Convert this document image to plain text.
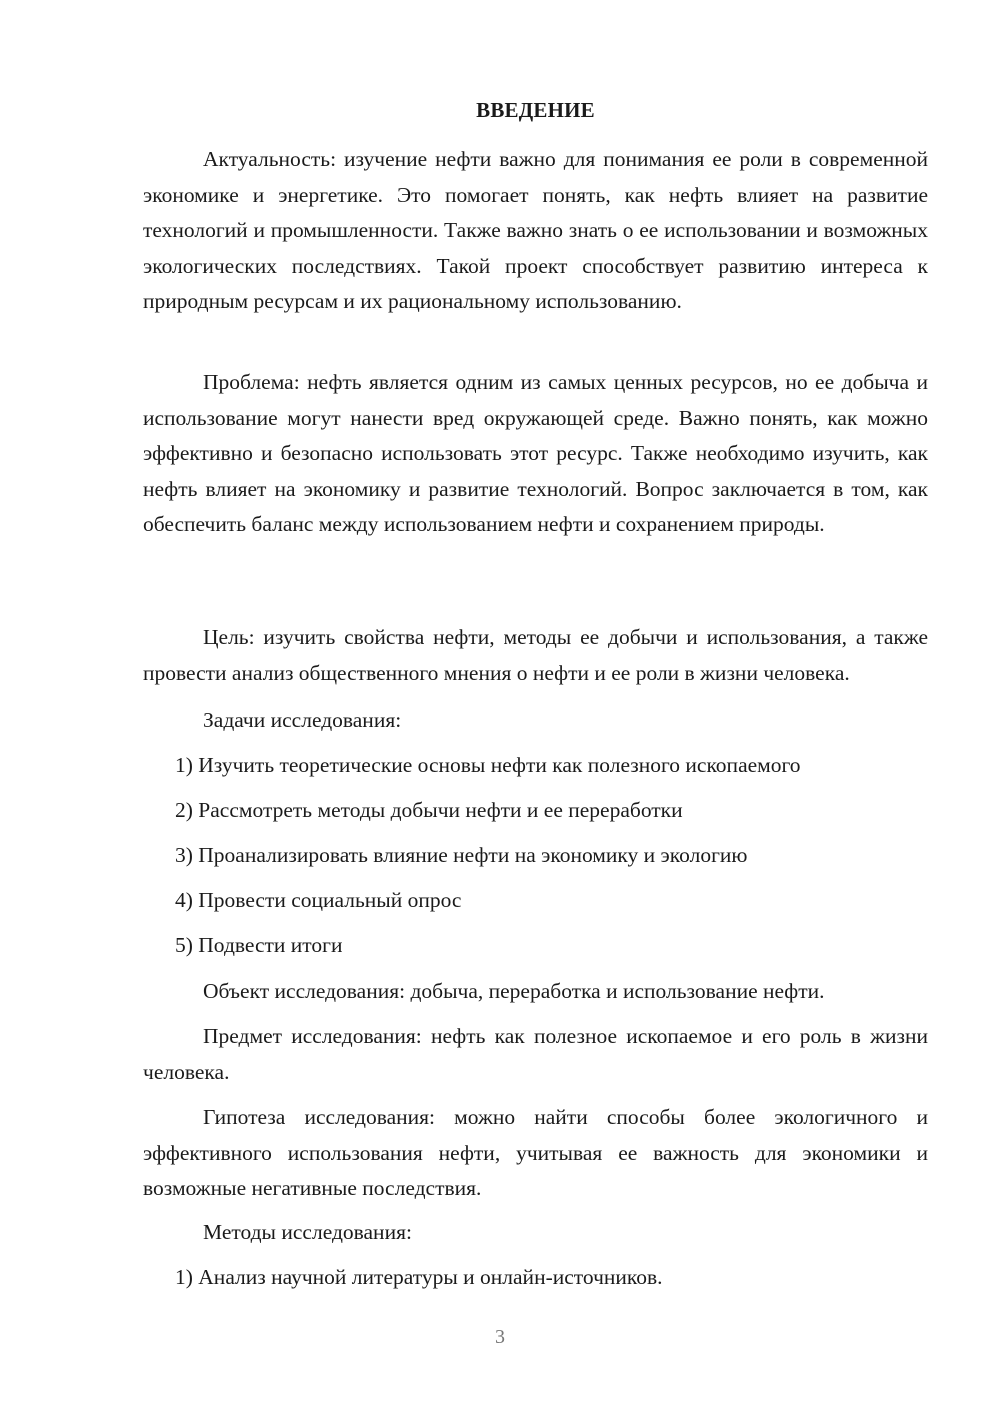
ВВЕДЕНИЕ

Актуальность: изучение нефти важно для понимания ее роли в современной экономике и энергетике. Это помогает понять, как нефть влияет на развитие технологий и промышленности. Также важно знать о ее использовании и возможных экологических последствиях. Такой проект способствует развитию интереса к природным ресурсам и их рациональному использованию.

Проблема: нефть является одним из самых ценных ресурсов, но ее добыча и использование могут нанести вред окружающей среде. Важно понять, как можно эффективно и безопасно использовать этот ресурс. Также необходимо изучить, как нефть влияет на экономику и развитие технологий. Вопрос заключается в том, как обеспечить баланс между использованием нефти и сохранением природы.

Цель: изучить свойства нефти, методы ее добычи и использования, а также провести анализ общественного мнения о нефти и ее роли в жизни человека.

Задачи исследования:
1) Изучить теоретические основы нефти как полезного ископаемого
2) Рассмотреть методы добычи нефти и ее переработки
3) Проанализировать влияние нефти на экономику и экологию
4) Провести социальный опрос
5) Подвести итоги

Объект исследования: добыча, переработка и использование нефти.

Предмет исследования: нефть как полезное ископаемое и его роль в жизни человека.

Гипотеза исследования: можно найти способы более экологичного и эффективного использования нефти, учитывая ее важность для экономики и возможные негативные последствия.

Методы исследования:
1) Анализ научной литературы и онлайн-источников.
3
